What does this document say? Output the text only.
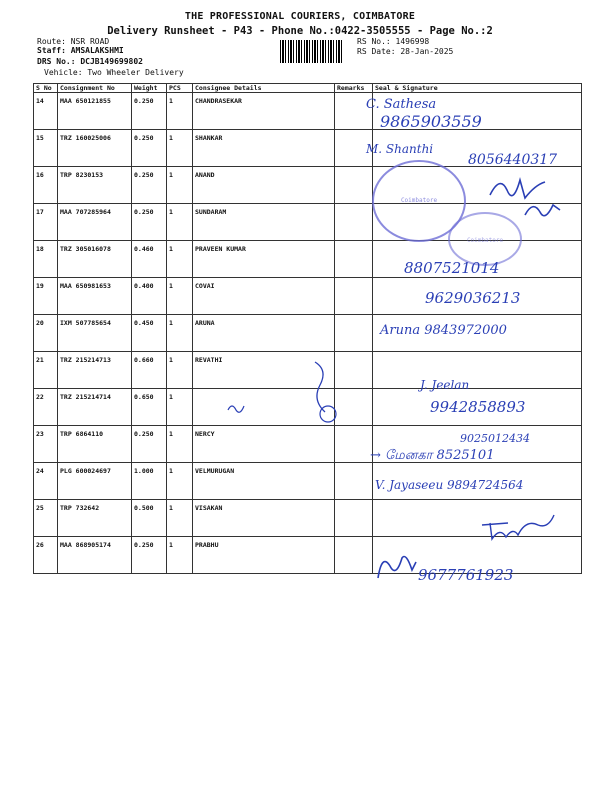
THE PROFESSIONAL COURIERS, COIMBATORE
Delivery Runsheet - P43 - Phone No.:0422-3505555 - Page No.:2
Route: NSR ROAD
Staff: AMSALAKSHMI
DRS No.: DCJB149699802
Vehicle: Two Wheeler Delivery
RS No.: 1496998
RS Date: 28-Jan-2025
S No	Consignment No	Weight	PCS	Consignee Details	Remarks	Seal & Signature
14	MAA 650121855	0.250	1	CHANDRASEKAR		
15	TRZ 160025006	0.250	1	SHANKAR		
16	TRP 8230153	0.250	1	ANAND		
17	MAA 707285964	0.250	1	SUNDARAM		
18	TRZ 305016078	0.460	1	PRAVEEN KUMAR		
19	MAA 650981653	0.400	1	COVAI		
20	IXM 507785654	0.450	1	ARUNA		
21	TRZ 215214713	0.660	1	REVATHI		
22	TRZ 215214714	0.650	1			
23	TRP 6864110	0.250	1	NERCY		
24	PLG 600024697	1.000	1	VELMURUGAN		
25	TRP 732642	0.500	1	VISAKAN		
26	MAA 868905174	0.250	1	PRABHU		
Coimbatore
Coimbatore
C. Sathesa
9865903559
M. Shanthi
8056440317
8807521014
9629036213
Aruna 9843972000
J. Jeelan
9942858893
9025012434
→ மேனகா 8525101
V. Jayaseeu 9894724564
9677761923
